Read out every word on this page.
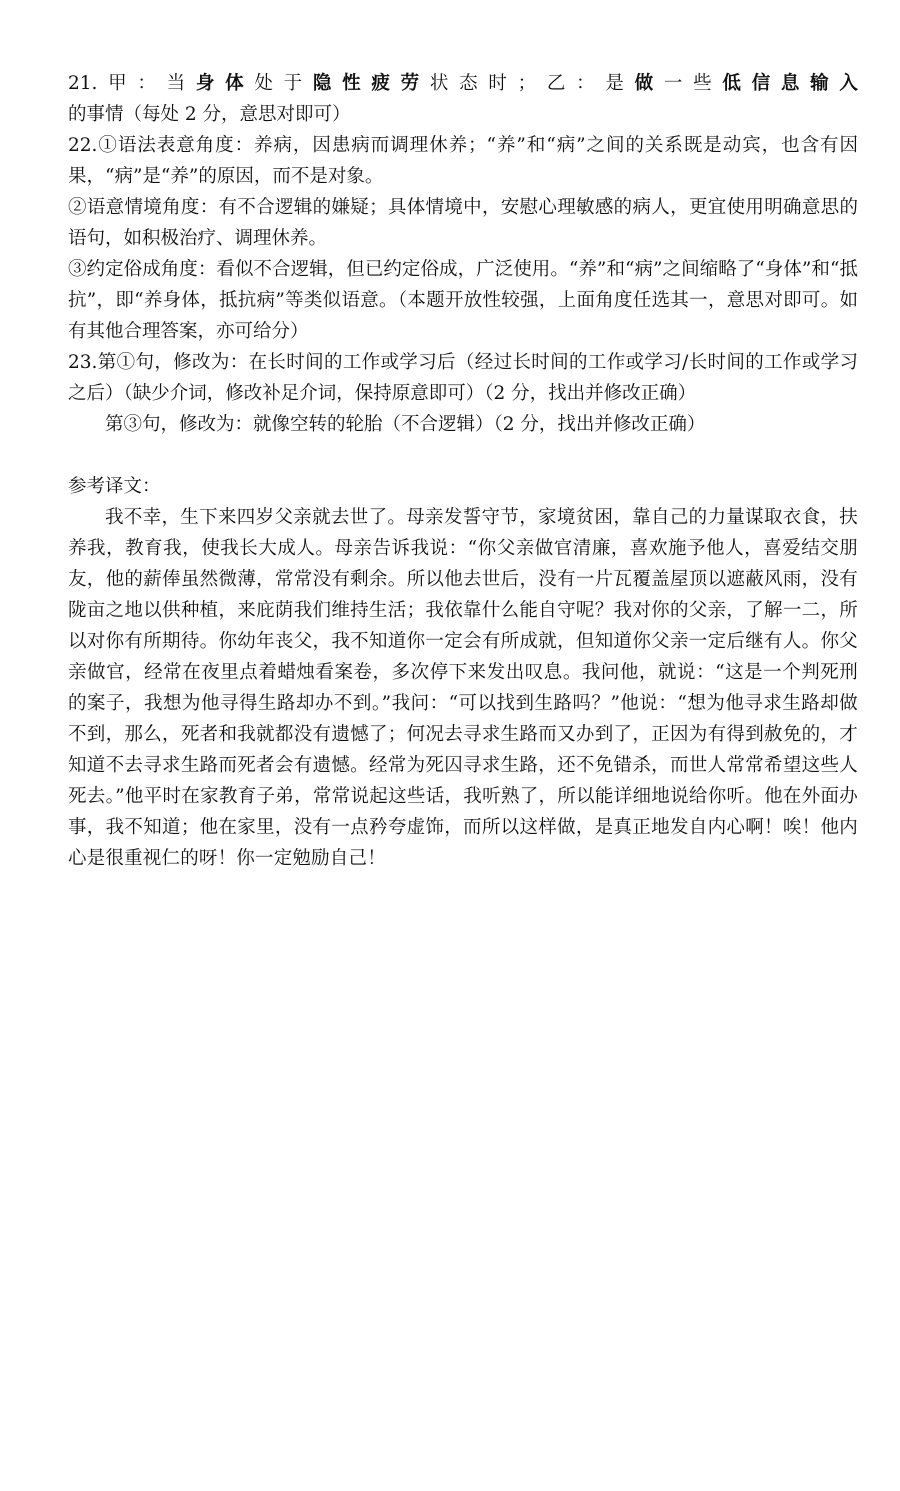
21.甲：当身体处于隐性疲劳状态时；乙：是做一些低信息输入的事情（每处 2 分，意思对即可）

22.①语法表意角度：养病，因患病而调理休养；“养”和“病”之间的关系既是动宾，也含有因果，“病”是“养”的原因，而不是对象。

②语意情境角度：有不合逻辑的嫌疑；具体情境中，安慰心理敏感的病人，更宜使用明确意思的语句，如积极治疗、调理休养。

③约定俗成角度：看似不合逻辑，但已约定俗成，广泛使用。“养”和“病”之间缩略了“身体”和“抵抗”，即“养身体，抵抗病”等类似语意。（本题开放性较强，上面角度任选其一，意思对即可。如有其他合理答案，亦可给分）

23.第①句，修改为：在长时间的工作或学习后（经过长时间的工作或学习/长时间的工作或学习之后）（缺少介词，修改补足介词，保持原意即可）（2 分，找出并修改正确）

第③句，修改为：就像空转的轮胎（不合逻辑）（2 分，找出并修改正确）

参考译文：

我不幸，生下来四岁父亲就去世了。母亲发誓守节，家境贫困，靠自己的力量谋取衣食，扶养我，教育我，使我长大成人。母亲告诉我说：“你父亲做官清廉，喜欢施予他人，喜爱结交朋友，他的薪俸虽然微薄，常常没有剩余。所以他去世后，没有一片瓦覆盖屋顶以遮蔽风雨，没有陇亩之地以供种植，来庇荫我们维持生活；我依靠什么能自守呢？我对你的父亲，了解一二，所以对你有所期待。你幼年丧父，我不知道你一定会有所成就，但知道你父亲一定后继有人。你父亲做官，经常在夜里点着蜡烛看案卷，多次停下来发出叹息。我问他，就说：“这是一个判死刑的案子，我想为他寻得生路却办不到。”我问：“可以找到生路吗？”他说：“想为他寻求生路却做不到，那么，死者和我就都没有遗憾了；何况去寻求生路而又办到了，正因为有得到赦免的，才知道不去寻求生路而死者会有遗憾。经常为死囚寻求生路，还不免错杀，而世人常常希望这些人死去。”他平时在家教育子弟，常常说起这些话，我听熟了，所以能详细地说给你听。他在外面办事，我不知道；他在家里，没有一点矜夸虚饰，而所以这样做，是真正地发自内心啊！唉！他内心是很重视仁的呀！你一定勉励自己！
